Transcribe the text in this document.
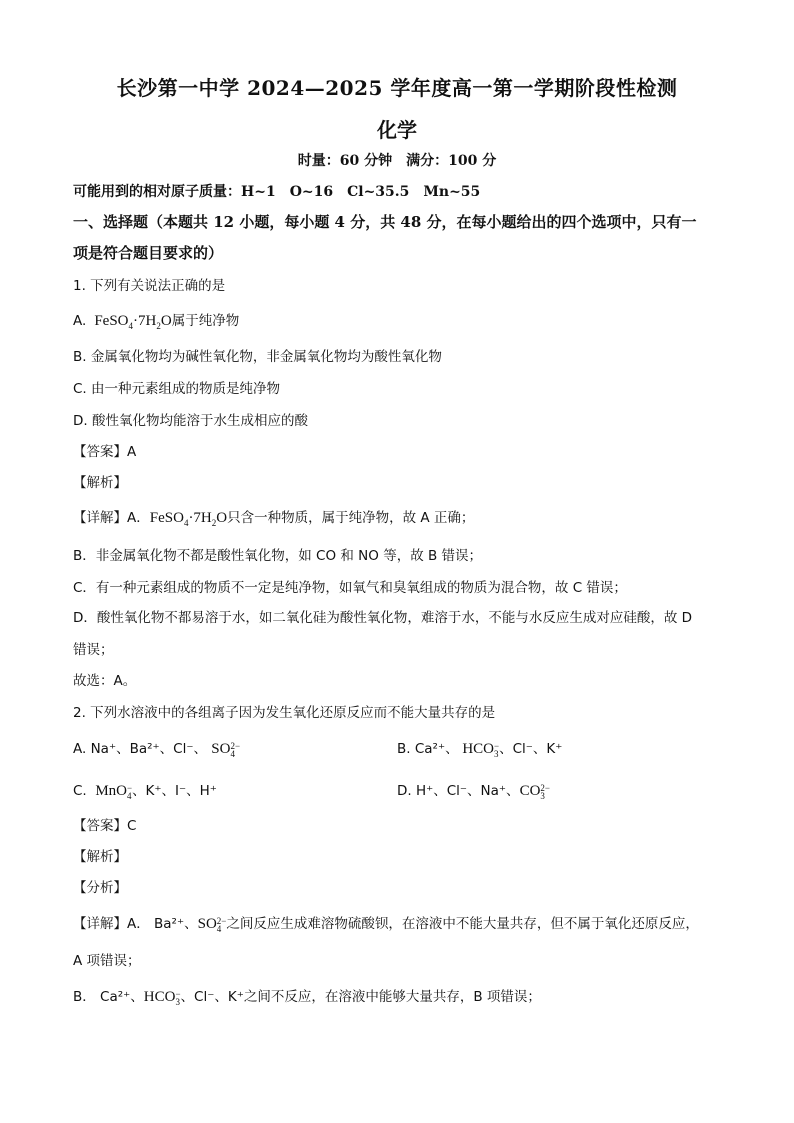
长沙第一中学 2024—2025 学年度高一第一学期阶段性检测
化学
时量：60 分钟　满分：100 分
可能用到的相对原子质量：H~1　O~16　Cl~35.5　Mn~55
一、选择题（本题共 12 小题，每小题 4 分，共 48 分，在每小题给出的四个选项中，只有一
项是符合题目要求的）
1. 下列有关说法正确的是
A. $FeSO_4\cdot 7H_2O$属于纯净物
B. 金属氧化物均为碱性氧化物，非金属氧化物均为酸性氧化物
C. 由一种元素组成的物质是纯净物
D. 酸性氧化物均能溶于水生成相应的酸
【答案】A
【解析】
【详解】A．$FeSO_4\cdot 7H_2O$只含一种物质，属于纯净物，故 A 正确；
B．非金属氧化物不都是酸性氧化物，如 CO 和 NO 等，故 B 错误；
C．有一种元素组成的物质不一定是纯净物，如氧气和臭氧组成的物质为混合物，故 C 错误；
D．酸性氧化物不都易溶于水，如二氧化硅为酸性氧化物，难溶于水，不能与水反应生成对应硅酸，故 D
错误；
故选：A。
2. 下列水溶液中的各组离子因为发生氧化还原反应而不能大量共存的是
A. Na⁺、Ba²⁺、Cl⁻、 SO 2−
4	B. Ca²⁺、 HCO −
3 、Cl⁻、K⁺
C. MnO −
4 、K⁺、I⁻、H⁺	D. H⁺、Cl⁻、Na⁺、CO 2−
3
【答案】C
【解析】
【分析】
【详解】A． Ba²⁺、SO 2−
4 之间反应生成难溶物硫酸钡，在溶液中不能大量共存，但不属于氧化还原反应，
A 项错误；
B． Ca²⁺、HCO −
3 、Cl⁻、K⁺之间不反应，在溶液中能够大量共存，B 项错误；
